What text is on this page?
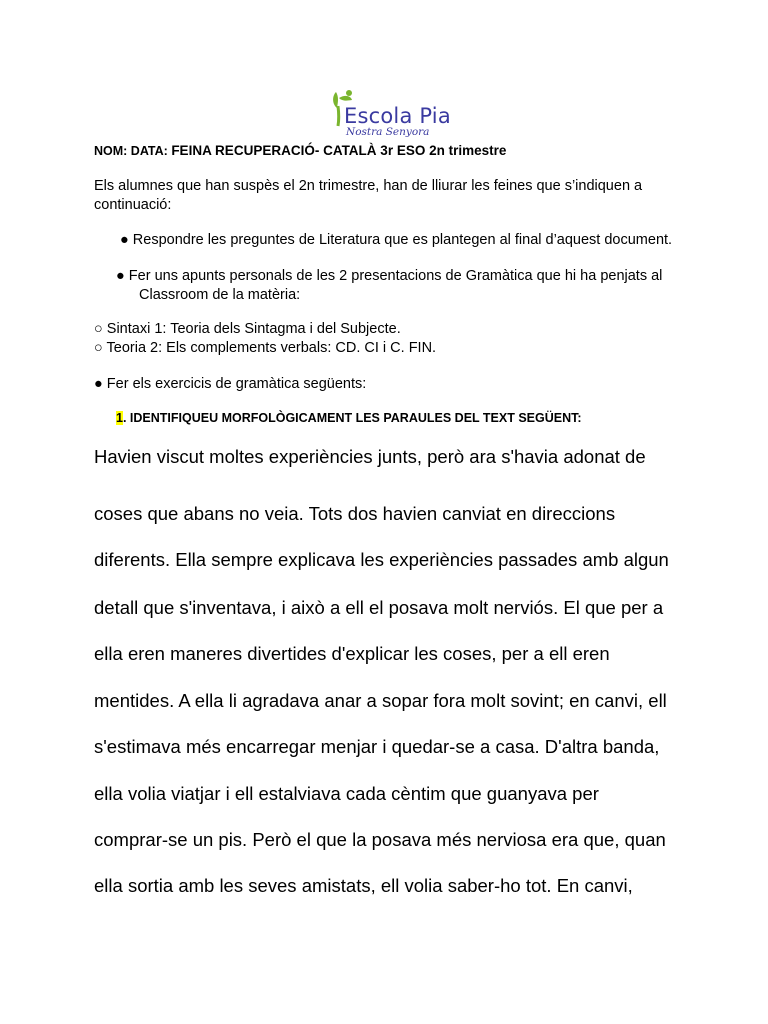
Escola Pia
Nostra Senyora
NOM: DATA: FEINA RECUPERACIÓ- CATALÀ 3r ESO 2n trimestre
Els alumnes que han suspès el 2n trimestre, han de lliurar les feines que s’indiquen a continuació:
● Respondre les preguntes de Literatura que es plantegen al final d’aquest document.
● Fer uns apunts personals de les 2 presentacions de Gramàtica que hi ha penjats al
Classroom de la matèria:
○ Sintaxi 1: Teoria dels Sintagma i del Subjecte.
○ Teoria 2: Els complements verbals: CD. CI i C. FIN.
● Fer els exercicis de gramàtica següents:
1. IDENTIFIQUEU MORFOLÒGICAMENT LES PARAULES DEL TEXT SEGÜENT:
Havien viscut moltes experiències junts, però ara s'havia adonat de
coses que abans no veia. Tots dos havien canviat en direccions
diferents. Ella sempre explicava les experiències passades amb algun
detall que s'inventava, i això a ell el posava molt nerviós. El que per a
ella eren maneres divertides d'explicar les coses, per a ell eren
mentides. A ella li agradava anar a sopar fora molt sovint; en canvi, ell
s'estimava més encarregar menjar i quedar-se a casa. D'altra banda,
ella volia viatjar i ell estalviava cada cèntim que guanyava per
comprar-se un pis. Però el que la posava més nerviosa era que, quan
ella sortia amb les seves amistats, ell volia saber-ho tot. En canvi,
